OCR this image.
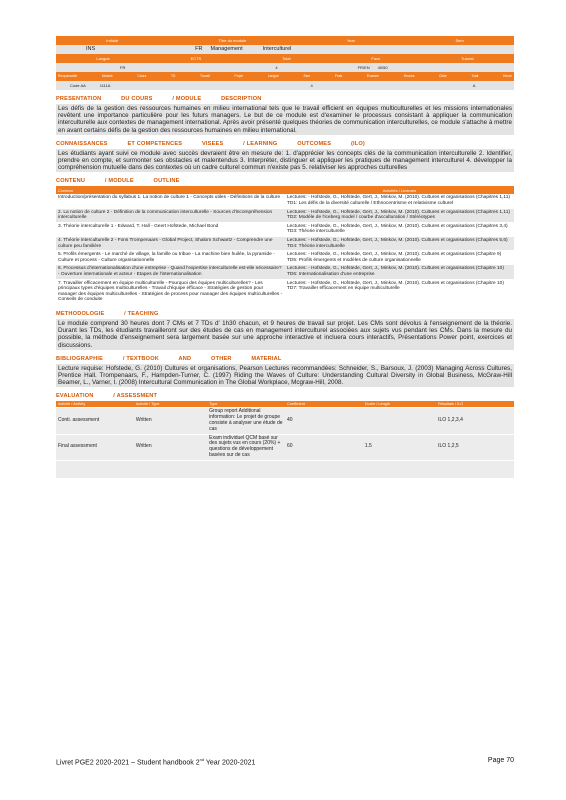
Intitulé	Titre du module	Year	Sem
INS	FR Management	Interculturel
Langue	ECTS	Total	Face	Tutorat
FR	4	FR/EN 40/50
Responsable	Module	Cours	TD	Travail	Projet	Langue	Sem	Frais	Examen	Heures	Cible	Total	Heure
Code AA	1111A	4	A
PRESENTATION	DU COURS	/ MODULE	DESCRIPTION
Les défis de la gestion des ressources humaines en milieu international tels que le travail efficient en équipes multiculturelles et les missions internationales revêtent une importance particulière pour les futurs managers. Le but de ce module est d'examiner le processus consistant à appliquer la communication interculturelle aux contextes de management international. Après avoir présenté quelques théories de communication interculturelles, ce module s'attache à mettre en avant certains défis de la gestion des ressources humaines en milieu international.
CONNAISSANCES	ET COMPETENCES	VISEES	/ LEARNING	OUTCOMES	(ILO)
Les étudiants ayant suivi ce module avec succès devraient être en mesure de: 1. d'apprécier les concepts clés de la communication interculturelle 2. Identifier, prendre en compte, et surmonter ses obstacles et malentendus 3. Interpréter, distinguer et appliquer les pratiques de management interculturel 4. développer la compréhension mutuelle dans des contextes où un cadre culturel commun n'existe pas 5. relativiser les approches culturelles
CONTENU	/ MODULE	OUTLINE
Contenu	Activités / Lectures
Introduction/présentation du syllabus 1. La notion de culture 1 - Concepts utiles - Définitions de la culture	Lectures: - Hofstede, G., Hofstede, Gert, J., Minkov, M. (2010). Cultures et organisations (Chapitres 1,11) TD1: Les défis de la diversité culturelle / Ethnocentrisme et relativisme culturel
2. La notion de culture 2 - Définition de la communication interculturelle - Sources d'incompréhension interculturelle	Lectures: - Hofstede, G., Hofstede, Gert, J., Minkov, M. (2010). Cultures et organisations (Chapitres 1,11) TD2: Modèle de l'iceberg model / courbe d'acculturation / Stéréotypes
3. Théorie interculturelle 1 - Edward, T. Hall - Geert Hofstede, Michael Bond	Lectures: - Hofstede, G., Hofstede, Gert, J., Minkov, M. (2010). Cultures et organisations (Chapitres 3,4) TD3: Théorie interculturelle
4. Théorie interculturelle 2 - Fons Trompenaars - Global Project, Shalom Schwartz - Comprendre une culture peu familière	Lectures: - Hofstede, G., Hofstede, Gert, J., Minkov, M. (2010). Cultures et organisations (Chapitres 5,6) TD4: Théorie interculturelle
5. Profils émergents - Le marché de village, la famille ou tribue - La machine bien huilée, la pyramide - Culture et process - Culture organisationnelle	Lectures: - Hofstede, G., Hofstede, Gert, J., Minkov, M. (2010). Cultures et organisations (Chapitre 9) TD5: Profils émergents et modèles de culture organisationnelle
6. Processus d'internationalisation d'une entreprise - Quand l'expertise interculturelle est-elle nécessaire? - Ouverture internationale et acteur - Etapes de l'internationalisation	Lectures: - Hofstede, G., Hofstede, Gert, J., Minkov, M. (2010). Cultures et organisations (Chapitre 10) TD6: Internationalisation d'une entreprise
7. Travailler efficacement en équipe multiculturelle - Pourquoi des équipes multiculturelles? - Les principaux types d'équipes multiculturelles - Travail d'équipe efficace - Stratégies de gestion pour manager des équipes multiculturelles - Stratégies de process pour manager des équipes multiculturelles - Conseils de conduite	Lectures: - Hofstede, G., Hofstede, Gert, J., Minkov, M. (2010). Cultures et organisations (Chapitre 10) TD7: Travailler efficacement en équipe multiculturelle
METHODOLOGIE	/ TEACHING
Le module comprend 30 heures dont 7 CMs et 7 TDs d' 1h30 chacun, et 9 heures de travail sur projet. Les CMs sont dévolus à l'enseignement de la théorie. Durant les TDs, les étudiants travailleront sur des études de cas en management interculturel associées aux sujets vus pendant les CMs. Dans la mesure du possible, la méthode d'enseignement sera largement basée sur une approche interactive et incluera cours interactifs, Présentations Power point, exercices et discussions.
BIBLIOGRAPHIE	/ TEXTBOOK	AND	OTHER	MATERIAL
Lecture requise: Hofstede, G. (2010) Cultures et organisations, Pearson Lectures recommandées: Schneider, S., Barsoux, J. (2003) Managing Across Cultures, Prentice Hall. Trompenaars, F., Hampden-Turner, C. (1997) Riding the Waves of Culture: Understanding Cultural Diversity in Global Business, McGraw-Hill Beamer, L., Varner, I. (2008) Intercultural Communication in The Global Workplace, Mcgraw-Hill, 2008.
EVALUATION	/ ASSESSMENT
Activité / Activity	Activité / Type	Type	Coefficient	Durée / Length	Résultats / ILO
Conti. assessment	Written	Group report Additional information: Le projet de groupe consiste à analyser une étude de cas	40		ILO 1,2,3,4
Final assessment	Written	Exam individuel QCM basé sur des sujets vus en cours (20%) + questions de développement basées sur de cas	60	1.5	ILO 1,2,5

Livret PGE2 2020-2021 – Student handbook 2nd Year 2020-2021	Page 70
